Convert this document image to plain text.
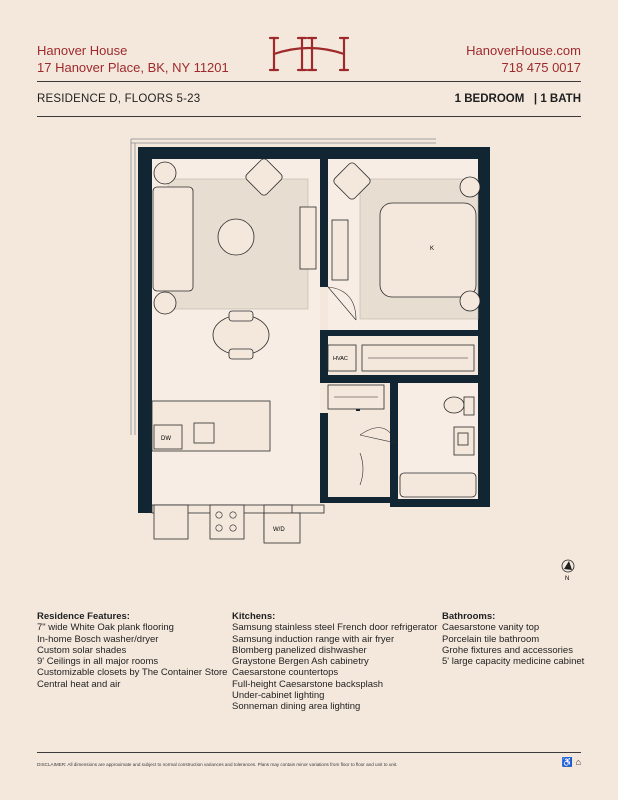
Hanover House
17 Hanover Place, BK, NY 11201
HanoverHouse.com
718 475 0017
RESIDENCE D, FLOORS 5-23	1 BEDROOM | 1 BATH
K
HVAC
DW
W/D
N
Residence Features:
7" wide White Oak plank flooring
In-home Bosch washer/dryer
Custom solar shades
9' Ceilings in all major rooms
Customizable closets by The Container Store
Central heat and air
Kitchens:
Samsung stainless steel French door refrigerator
Samsung induction range with air fryer
Blomberg panelized dishwasher
Graystone Bergen Ash cabinetry
Caesarstone countertops
Full-height Caesarstone backsplash
Under-cabinet lighting
Sonneman dining area lighting
Bathrooms:
Caesarstone vanity top
Porcelain tile bathroom
Grohe fixtures and accessories
5' large capacity medicine cabinet
DISCLAIMER: All dimensions are approximate and subject to normal construction variances and tolerances. Plans may contain minor variations from floor to floor and unit to unit.	♿ ⌂
